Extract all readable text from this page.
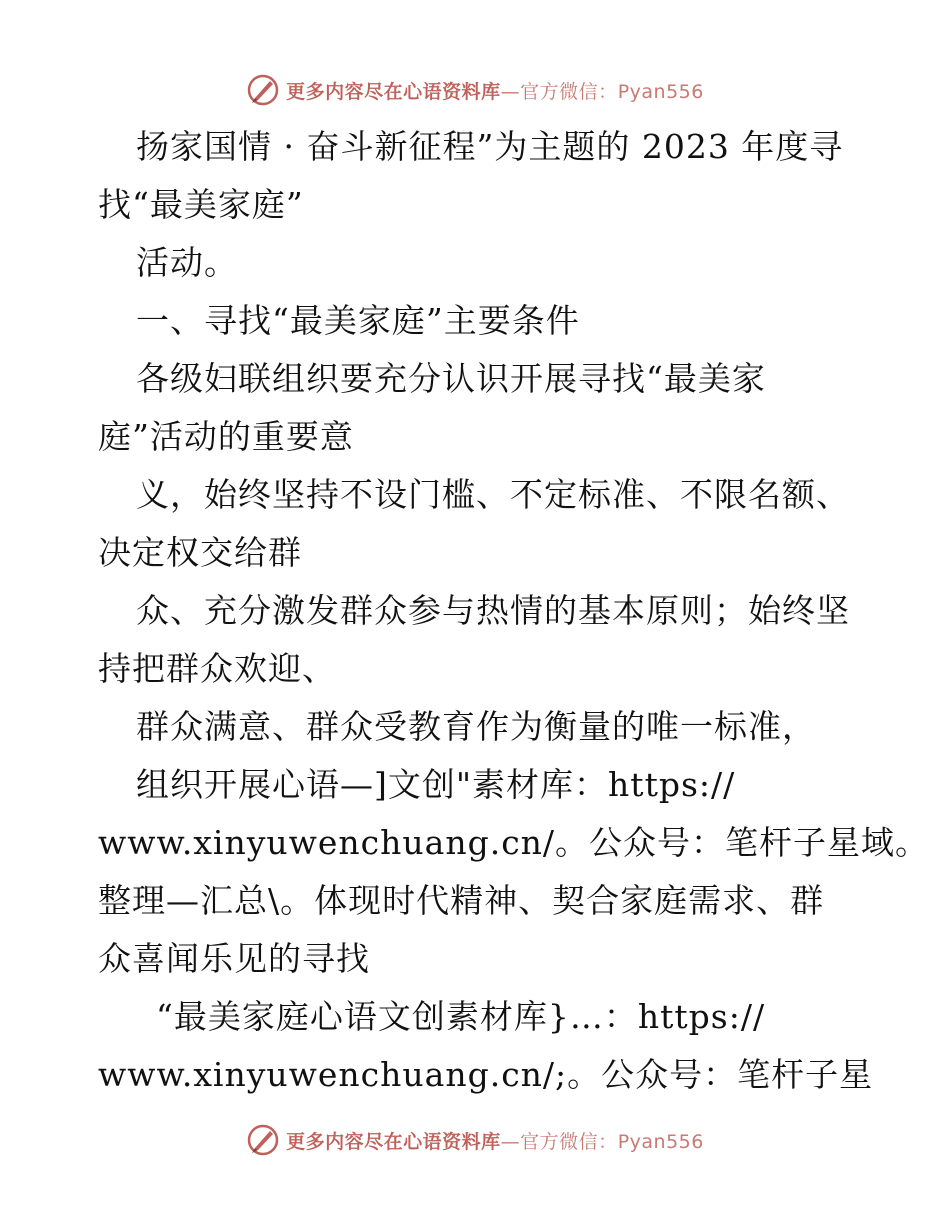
更多内容尽在心语资料库—官方微信：Pyan556
扬家国情 · 奋斗新征程”为主题的 2023 年度寻
找“最美家庭”
活动。
一、寻找“最美家庭”主要条件
各级妇联组织要充分认识开展寻找“最美家
庭”活动的重要意
义，始终坚持不设门槛、不定标准、不限名额、
决定权交给群
众、充分激发群众参与热情的基本原则；始终坚
持把群众欢迎、
群众满意、群众受教育作为衡量的唯一标准，
组织开展心语—]文创"素材库：https://
www.xinyuwenchuang.cn/。公众号：笔杆子星域。
整理—汇总\。体现时代精神、契合家庭需求、群
众喜闻乐见的寻找
“最美家庭心语文创素材库}…：https://
www.xinyuwenchuang.cn/;。公众号：笔杆子星
更多内容尽在心语资料库—官方微信：Pyan556
